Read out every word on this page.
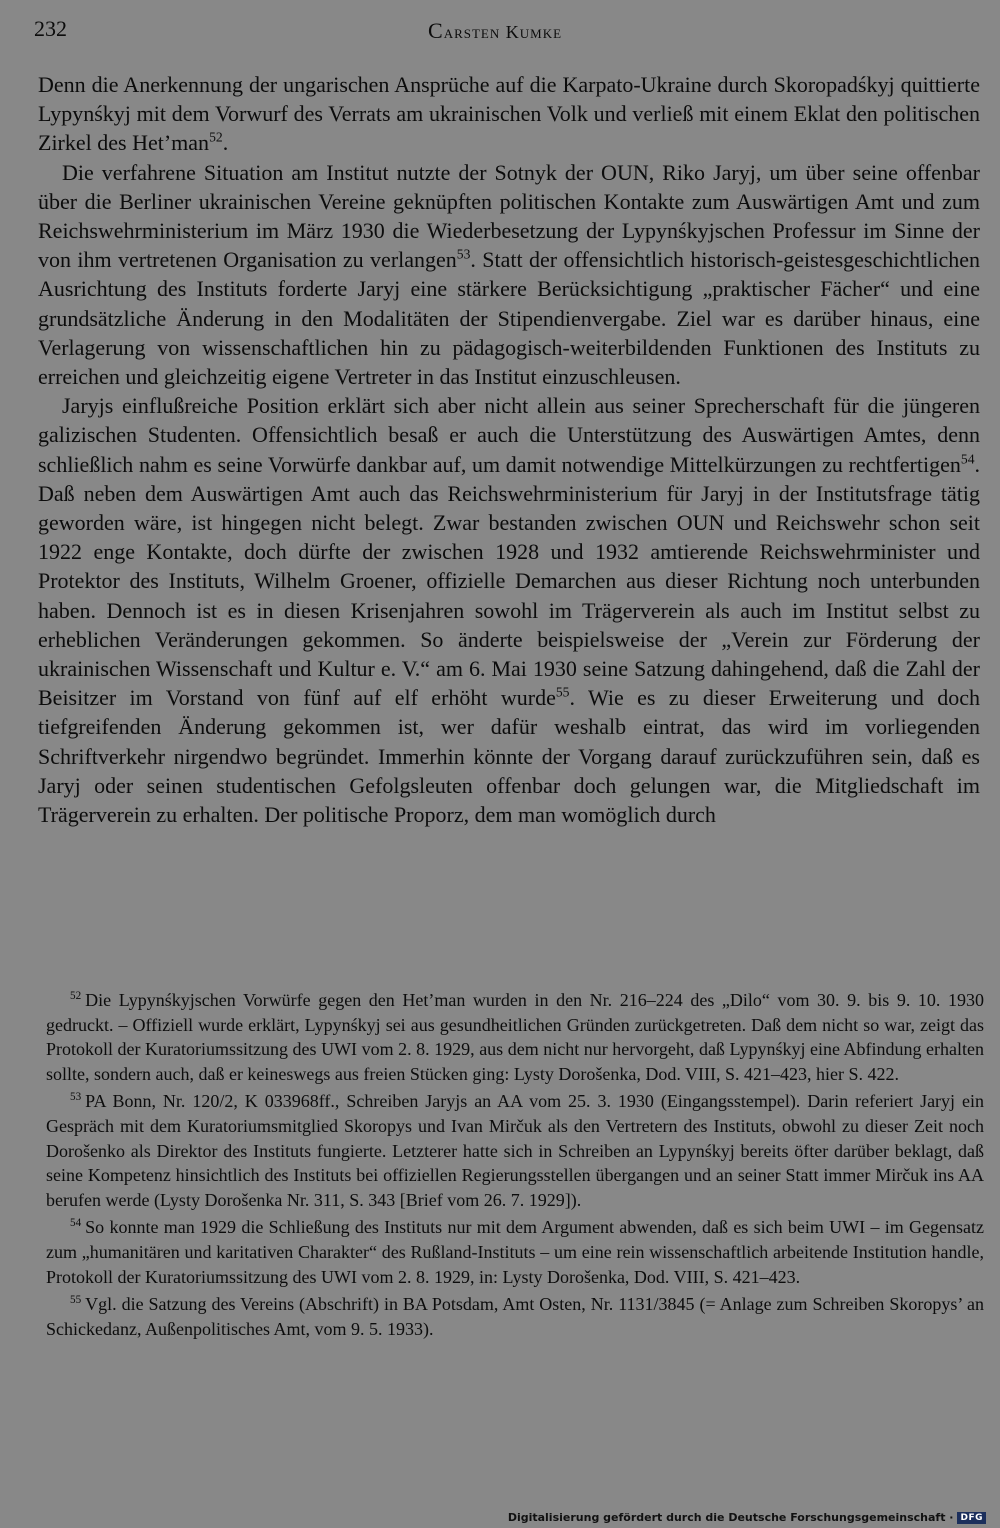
232	Carsten Kumke

Denn die Anerkennung der ungarischen Ansprüche auf die Karpato-Ukraine durch Skoropadśkyj quittierte Lypynśkyj mit dem Vorwurf des Verrats am ukrainischen Volk und verließ mit einem Eklat den politischen Zirkel des Het’man$^{52}$.

Die verfahrene Situation am Institut nutzte der Sotnyk der OUN, Riko Jaryj, um über seine offenbar über die Berliner ukrainischen Vereine geknüpften politischen Kontakte zum Auswärtigen Amt und zum Reichswehrministerium im März 1930 die Wiederbesetzung der Lypynśkyjschen Professur im Sinne der von ihm vertretenen Organisation zu verlangen$^{53}$. Statt der offensichtlich historisch-geistesgeschichtlichen Ausrichtung des Instituts forderte Jaryj eine stärkere Berücksichtigung „praktischer Fächer“ und eine grundsätzliche Änderung in den Modalitäten der Stipendienvergabe. Ziel war es darüber hinaus, eine Verlagerung von wissenschaftlichen hin zu pädagogisch-weiterbildenden Funktionen des Instituts zu erreichen und gleichzeitig eigene Vertreter in das Institut einzuschleusen.

Jaryjs einflußreiche Position erklärt sich aber nicht allein aus seiner Sprecherschaft für die jüngeren galizischen Studenten. Offensichtlich besaß er auch die Unterstützung des Auswärtigen Amtes, denn schließlich nahm es seine Vorwürfe dankbar auf, um damit notwendige Mittelkürzungen zu rechtfertigen$^{54}$. Daß neben dem Auswärtigen Amt auch das Reichswehrministerium für Jaryj in der Institutsfrage tätig geworden wäre, ist hingegen nicht belegt. Zwar bestanden zwischen OUN und Reichswehr schon seit 1922 enge Kontakte, doch dürfte der zwischen 1928 und 1932 amtierende Reichswehrminister und Protektor des Instituts, Wilhelm Groener, offizielle Demarchen aus dieser Richtung noch unterbunden haben. Dennoch ist es in diesen Krisenjahren sowohl im Trägerverein als auch im Institut selbst zu erheblichen Veränderungen gekommen. So änderte beispielsweise der „Verein zur Förderung der ukrainischen Wissenschaft und Kultur e. V.“ am 6. Mai 1930 seine Satzung dahingehend, daß die Zahl der Beisitzer im Vorstand von fünf auf elf erhöht wurde$^{55}$. Wie es zu dieser Erweiterung und doch tiefgreifenden Änderung gekommen ist, wer dafür weshalb eintrat, das wird im vorliegenden Schriftverkehr nirgendwo begründet. Immerhin könnte der Vorgang darauf zurückzuführen sein, daß es Jaryj oder seinen studentischen Gefolgsleuten offenbar doch gelungen war, die Mitgliedschaft im Trägerverein zu erhalten. Der politische Proporz, dem man womöglich durch

$^{52}$ Die Lypynśkyjschen Vorwürfe gegen den Het’man wurden in den Nr. 216–224 des „Dilo“ vom 30. 9. bis 9. 10. 1930 gedruckt. – Offiziell wurde erklärt, Lypynśkyj sei aus gesundheitlichen Gründen zurückgetreten. Daß dem nicht so war, zeigt das Protokoll der Kuratoriumssitzung des UWI vom 2. 8. 1929, aus dem nicht nur hervorgeht, daß Lypynśkyj eine Abfindung erhalten sollte, sondern auch, daß er keineswegs aus freien Stücken ging: Lysty Dorošenka, Dod. VIII, S. 421–423, hier S. 422.

$^{53}$ PA Bonn, Nr. 120/2, K 033968ff., Schreiben Jaryjs an AA vom 25. 3. 1930 (Eingangsstempel). Darin referiert Jaryj ein Gespräch mit dem Kuratoriumsmitglied Skoropys und Ivan Mirčuk als den Vertretern des Instituts, obwohl zu dieser Zeit noch Dorošenko als Direktor des Instituts fungierte. Letzterer hatte sich in Schreiben an Lypynśkyj bereits öfter darüber beklagt, daß seine Kompetenz hinsichtlich des Instituts bei offiziellen Regierungsstellen übergangen und an seiner Statt immer Mirčuk ins AA berufen werde (Lysty Dorošenka Nr. 311, S. 343 [Brief vom 26. 7. 1929]).

$^{54}$ So konnte man 1929 die Schließung des Instituts nur mit dem Argument abwenden, daß es sich beim UWI – im Gegensatz zum „humanitären und karitativen Charakter“ des Rußland-Instituts – um eine rein wissenschaftlich arbeitende Institution handle, Protokoll der Kuratoriumssitzung des UWI vom 2. 8. 1929, in: Lysty Dorošenka, Dod. VIII, S. 421–423.

$^{55}$ Vgl. die Satzung des Vereins (Abschrift) in BA Potsdam, Amt Osten, Nr. 1131/3845 (= Anlage zum Schreiben Skoropys’ an Schickedanz, Außenpolitisches Amt, vom 9. 5. 1933).

Digitalisierung gefördert durch die Deutsche Forschungsgemeinschaft · DFG
